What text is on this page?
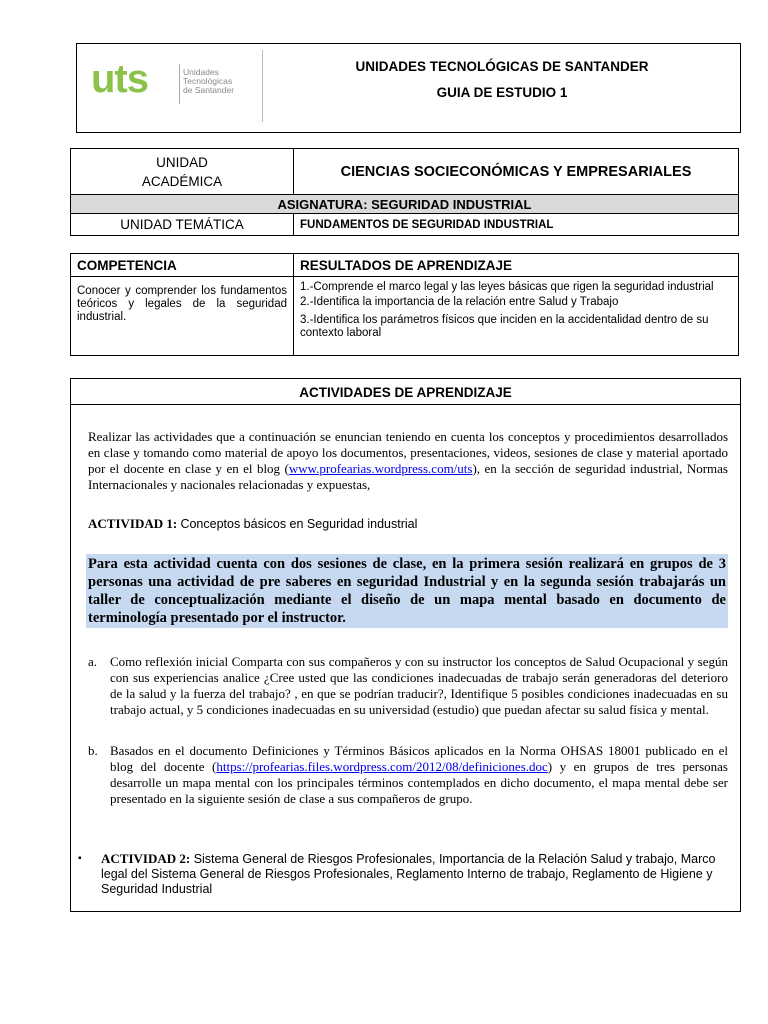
uts	Unidades
Tecnológicas
de Santander
UNIDADES TECNOLÓGICAS DE SANTANDER
GUIA DE ESTUDIO 1
UNIDAD
ACADÉMICA	CIENCIAS SOCIECONÓMICAS Y EMPRESARIALES
ASIGNATURA: SEGURIDAD INDUSTRIAL	
UNIDAD TEMÁTICA	FUNDAMENTOS DE SEGURIDAD INDUSTRIAL
COMPETENCIA	RESULTADOS DE APRENDIZAJE
Conocer y comprender los fundamentos teóricos y legales de la seguridad industrial.	1.-Comprende el marco legal y las leyes básicas que rigen la seguridad industrial
2.-Identifica la importancia de la relación entre Salud y Trabajo
3.-Identifica los parámetros físicos que inciden en la accidentalidad dentro de su contexto laboral
ACTIVIDADES DE APRENDIZAJE
Realizar las actividades que a continuación se enuncian teniendo en cuenta los conceptos y procedimientos desarrollados en clase y tomando como material de apoyo los documentos, presentaciones, videos, sesiones de clase y material aportado por el docente en clase y en el blog (www.profearias.wordpress.com/uts), en la sección de seguridad industrial, Normas Internacionales y nacionales relacionadas y expuestas,
ACTIVIDAD 1: Conceptos básicos en Seguridad industrial
Para esta actividad cuenta con dos sesiones de clase, en la primera sesión realizará en grupos de 3 personas una actividad de pre saberes en seguridad Industrial y en la segunda sesión trabajarás un taller de conceptualización mediante el diseño de un mapa mental basado en documento de terminología presentado por el instructor.
a. Como reflexión inicial Comparta con sus compañeros y con su instructor los conceptos de Salud Ocupacional y según con sus experiencias analice ¿Cree usted que las condiciones inadecuadas de trabajo serán generadoras del deterioro de la salud y la fuerza del trabajo? , en que se podrían traducir?, Identifique 5 posibles condiciones inadecuadas en su trabajo actual, y 5 condiciones inadecuadas en su universidad (estudio) que puedan afectar su salud física y mental.
b. Basados en el documento Definiciones y Términos Básicos aplicados en la Norma OHSAS 18001 publicado en el blog del docente (https://profearias.files.wordpress.com/2012/08/definiciones.doc) y en grupos de tres personas desarrolle un mapa mental con los principales términos contemplados en dicho documento, el mapa mental debe ser presentado en la siguiente sesión de clase a sus compañeros de grupo.
▪	ACTIVIDAD 2: Sistema General de Riesgos Profesionales, Importancia de la Relación Salud y trabajo, Marco legal del Sistema General de Riesgos Profesionales, Reglamento Interno de trabajo, Reglamento de Higiene y Seguridad Industrial
